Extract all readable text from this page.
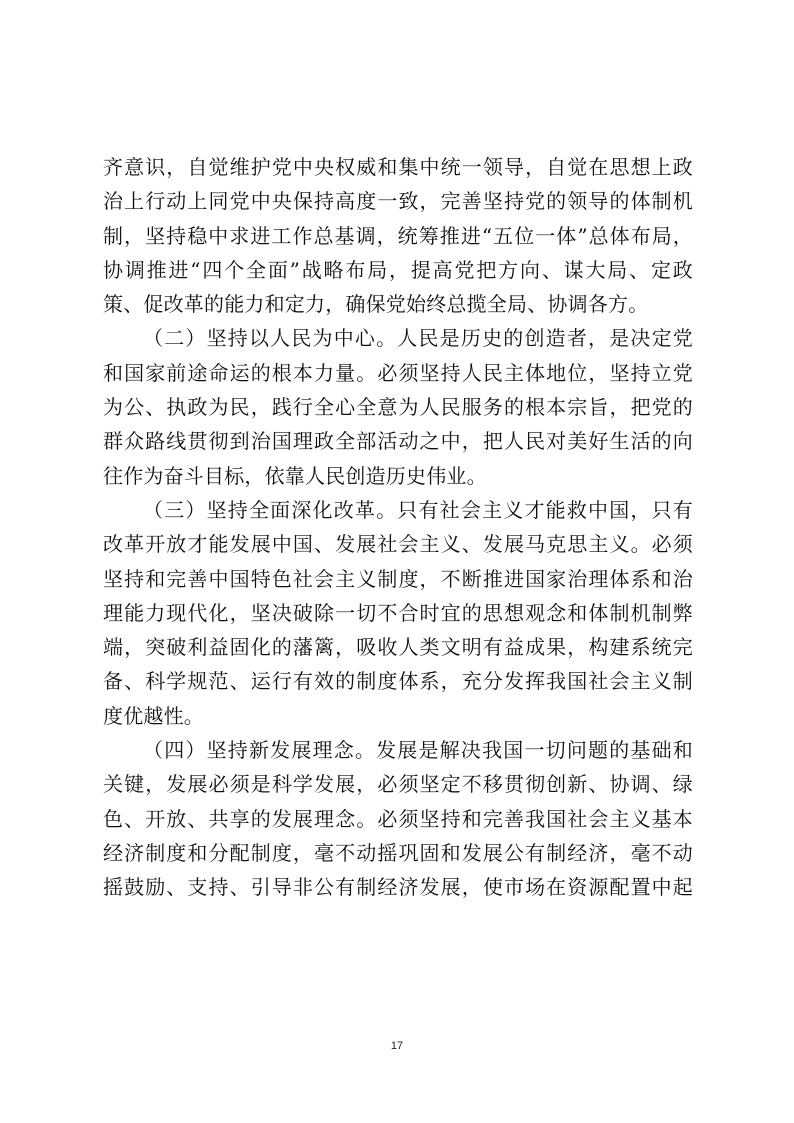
齐意识，自觉维护党中央权威和集中统一领导，自觉在思想上政
治上行动上同党中央保持高度一致，完善坚持党的领导的体制机
制，坚持稳中求进工作总基调，统筹推进“五位一体”总体布局，
协调推进“四个全面”战略布局，提高党把方向、谋大局、定政
策、促改革的能力和定力，确保党始终总揽全局、协调各方。
（二）坚持以人民为中心。人民是历史的创造者，是决定党
和国家前途命运的根本力量。必须坚持人民主体地位，坚持立党
为公、执政为民，践行全心全意为人民服务的根本宗旨，把党的
群众路线贯彻到治国理政全部活动之中，把人民对美好生活的向
往作为奋斗目标，依靠人民创造历史伟业。
（三）坚持全面深化改革。只有社会主义才能救中国，只有
改革开放才能发展中国、发展社会主义、发展马克思主义。必须
坚持和完善中国特色社会主义制度，不断推进国家治理体系和治
理能力现代化，坚决破除一切不合时宜的思想观念和体制机制弊
端，突破利益固化的藩篱，吸收人类文明有益成果，构建系统完
备、科学规范、运行有效的制度体系，充分发挥我国社会主义制
度优越性。
（四）坚持新发展理念。发展是解决我国一切问题的基础和
关键，发展必须是科学发展，必须坚定不移贯彻创新、协调、绿
色、开放、共享的发展理念。必须坚持和完善我国社会主义基本
经济制度和分配制度，毫不动摇巩固和发展公有制经济，毫不动
摇鼓励、支持、引导非公有制经济发展，使市场在资源配置中起
17
